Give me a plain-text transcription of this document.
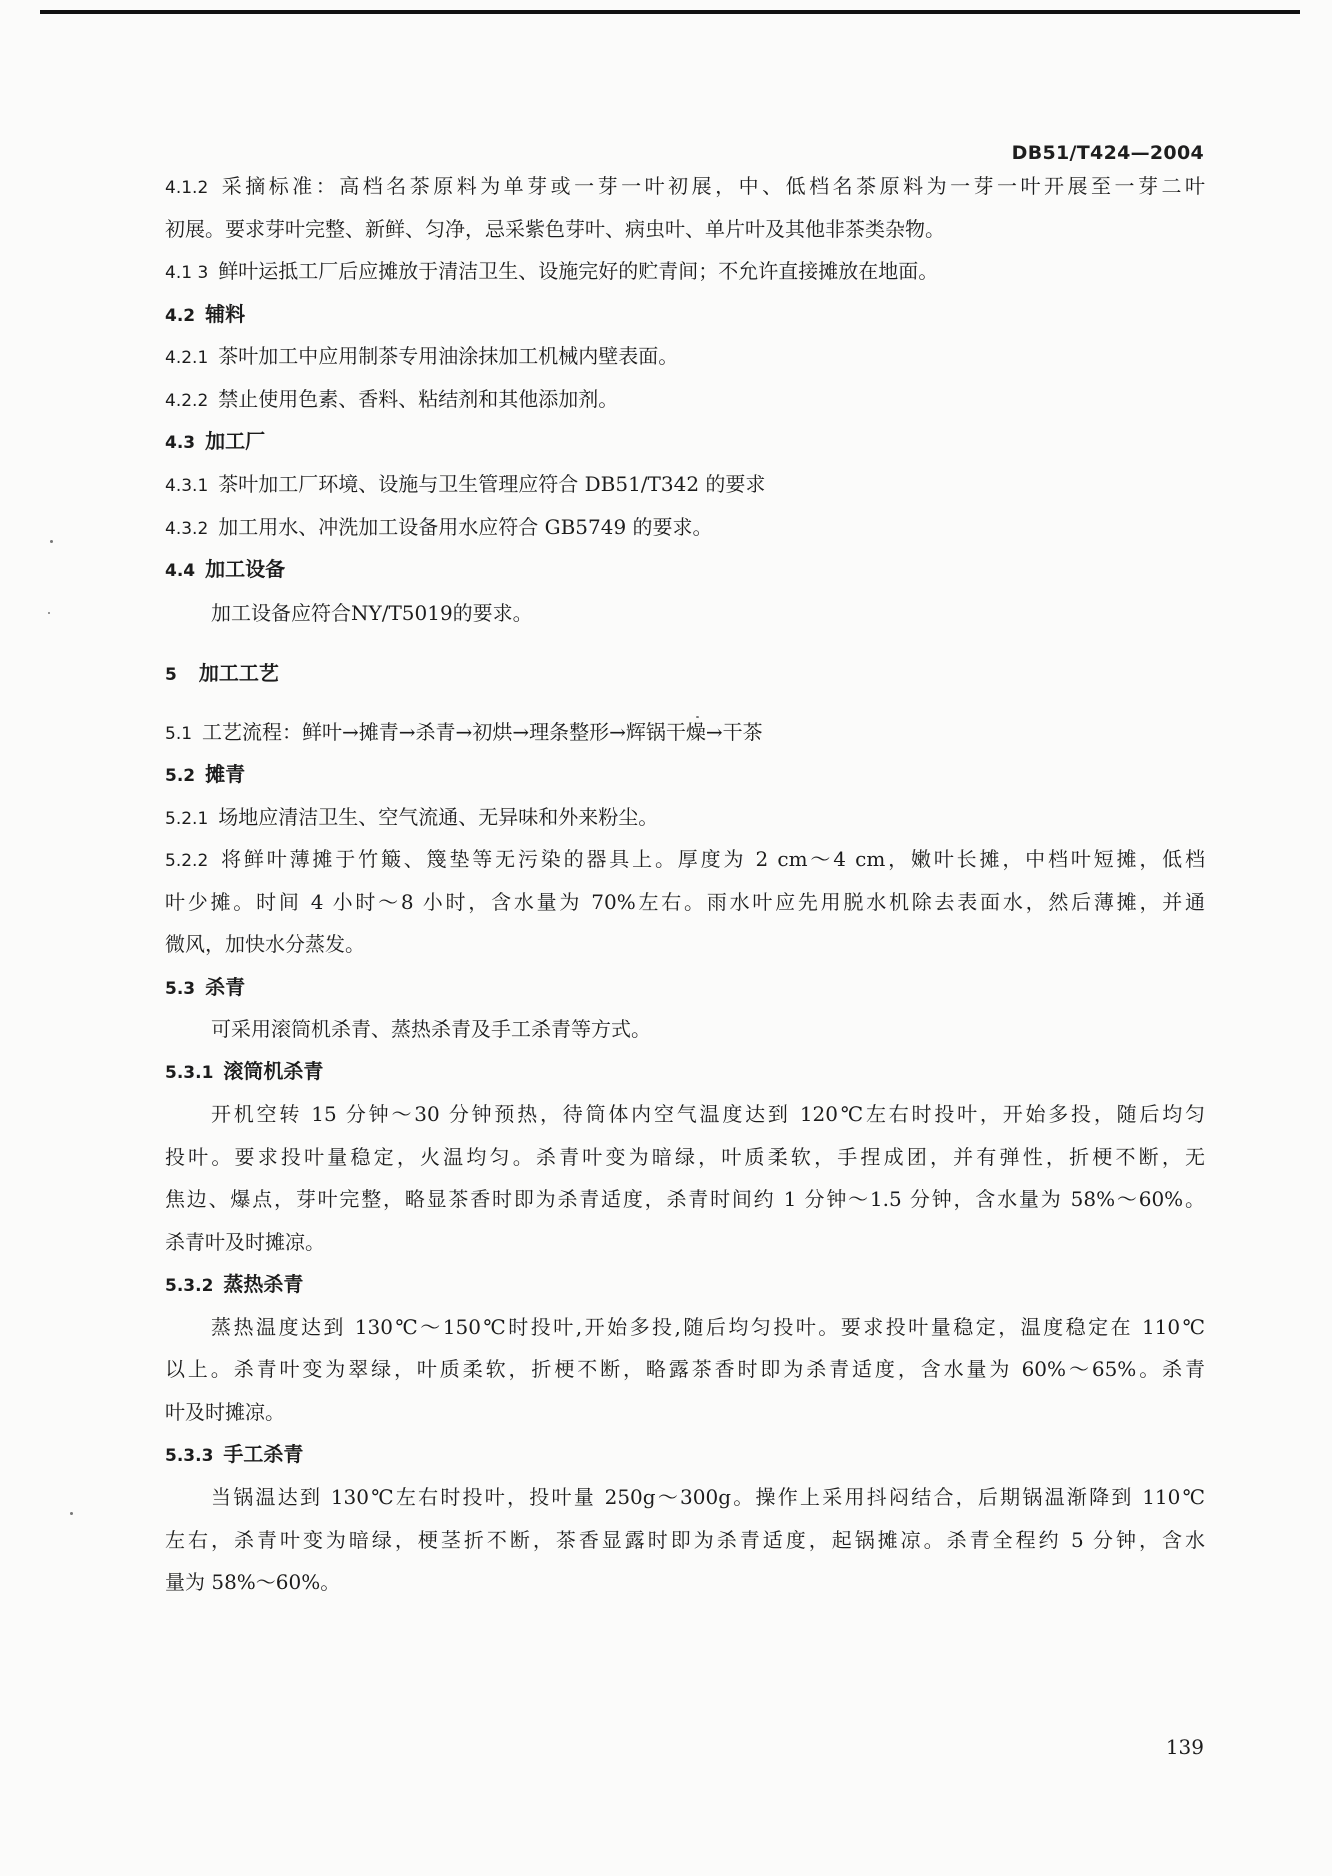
DB51/T424—2004
4.1.2 采摘标准：高档名茶原料为单芽或一芽一叶初展，中、低档名茶原料为一芽一叶开展至一芽二叶
初展。要求芽叶完整、新鲜、匀净，忌采紫色芽叶、病虫叶、单片叶及其他非茶类杂物。
4.1 3 鲜叶运抵工厂后应摊放于清洁卫生、设施完好的贮青间；不允许直接摊放在地面。
4.2 辅料
4.2.1 茶叶加工中应用制茶专用油涂抹加工机械内壁表面。
4.2.2 禁止使用色素、香料、粘结剂和其他添加剂。
4.3 加工厂
4.3.1 茶叶加工厂环境、设施与卫生管理应符合 DB51/T342 的要求
4.3.2 加工用水、冲洗加工设备用水应符合 GB5749 的要求。
4.4 加工设备
加工设备应符合NY/T5019的要求。
5 加工工艺
5.1 工艺流程：鲜叶→摊青→杀青→初烘→理条整形→辉锅干燥→干茶
5.2 摊青
5.2.1 场地应清洁卫生、空气流通、无异味和外来粉尘。
5.2.2 将鲜叶薄摊于竹簸、篾垫等无污染的器具上。厚度为 2 cm～4 cm，嫩叶长摊，中档叶短摊，低档
叶少摊。时间 4 小时～8 小时，含水量为 70%左右。雨水叶应先用脱水机除去表面水，然后薄摊，并通
微风，加快水分蒸发。
5.3 杀青
可采用滚筒机杀青、蒸热杀青及手工杀青等方式。
5.3.1 滚筒机杀青
开机空转 15 分钟～30 分钟预热，待筒体内空气温度达到 120℃左右时投叶，开始多投，随后均匀
投叶。要求投叶量稳定，火温均匀。杀青叶变为暗绿，叶质柔软，手捏成团，并有弹性，折梗不断，无
焦边、爆点，芽叶完整，略显茶香时即为杀青适度，杀青时间约 1 分钟～1.5 分钟，含水量为 58%～60%。
杀青叶及时摊凉。
5.3.2 蒸热杀青
蒸热温度达到 130℃～150℃时投叶,开始多投,随后均匀投叶。要求投叶量稳定，温度稳定在 110℃
以上。杀青叶变为翠绿，叶质柔软，折梗不断，略露茶香时即为杀青适度，含水量为 60%～65%。杀青
叶及时摊凉。
5.3.3 手工杀青
当锅温达到 130℃左右时投叶，投叶量 250g～300g。操作上采用抖闷结合，后期锅温渐降到 110℃
左右，杀青叶变为暗绿，梗茎折不断，茶香显露时即为杀青适度，起锅摊凉。杀青全程约 5 分钟，含水
量为 58%～60%。
139
